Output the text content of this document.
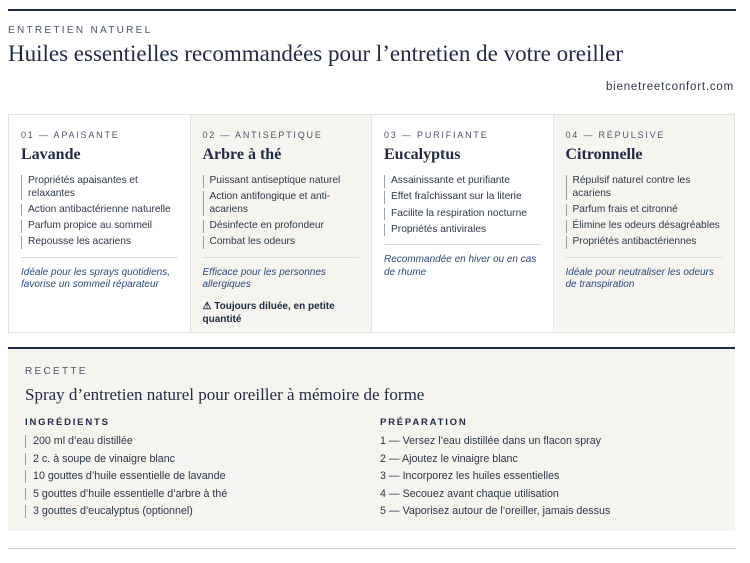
ENTRETIEN NATUREL
Huiles essentielles recommandées pour l’entretien de votre oreiller
bienetreetconfort.com
01 — APAISANTE
Lavande
Propriétés apaisantes et relaxantes
Action antibactérienne naturelle
Parfum propice au sommeil
Repousse les acariens
Idéale pour les sprays quotidiens, favorise un sommeil réparateur
02 — ANTISEPTIQUE
Arbre à thé
Puissant antiseptique naturel
Action antifongique et anti-acariens
Désinfecte en profondeur
Combat les odeurs
Efficace pour les personnes allergiques
⚠ Toujours diluée, en petite quantité
03 — PURIFIANTE
Eucalyptus
Assainissante et purifiante
Effet fraîchissant sur la literie
Facilite la respiration nocturne
Propriétés antivirales
Recommandée en hiver ou en cas de rhume
04 — RÉPULSIVE
Citronnelle
Répulsif naturel contre les acariens
Parfum frais et citronné
Élimine les odeurs désagréables
Propriétés antibactériennes
Idéale pour neutraliser les odeurs de transpiration
RECETTE
Spray d’entretien naturel pour oreiller à mémoire de forme
INGRÉDIENTS	PRÉPARATION
200 ml d’eau distillée
2 c. à soupe de vinaigre blanc
10 gouttes d’huile essentielle de lavande
5 gouttes d’huile essentielle d’arbre à thé
3 gouttes d’eucalyptus (optionnel)
1 — Versez l’eau distillée dans un flacon spray
2 — Ajoutez le vinaigre blanc
3 — Incorporez les huiles essentielles
4 — Secouez avant chaque utilisation
5 — Vaporisez autour de l’oreiller, jamais dessus
